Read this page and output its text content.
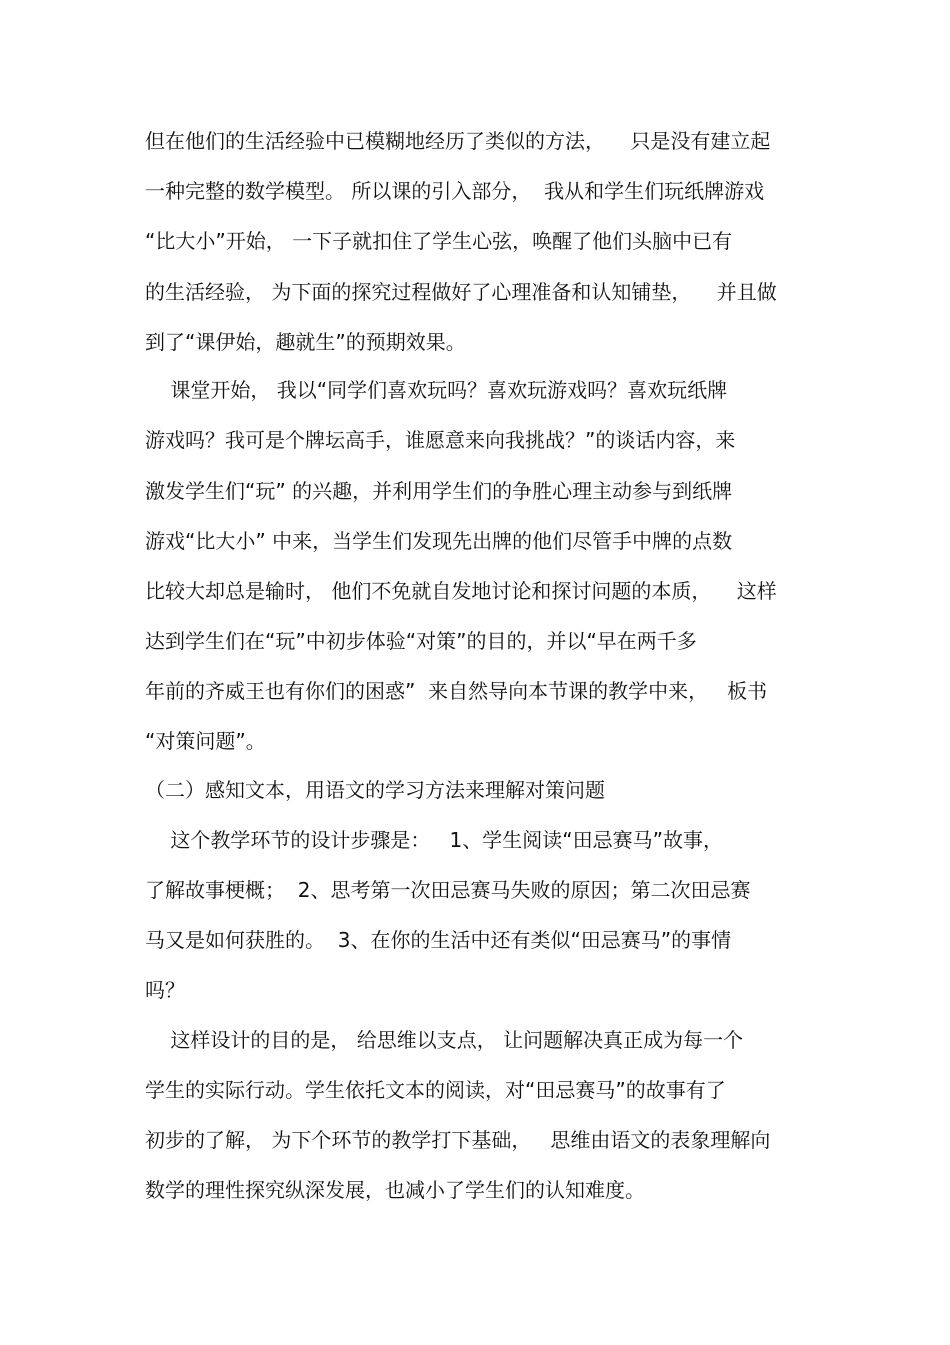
但在他们的生活经验中已模糊地经历了类似的方法，    只是没有建立起
一种完整的数学模型。 所以课的引入部分，  我从和学生们玩纸牌游戏
“比大小”开始， 一下子就扣住了学生心弦，唤醒了他们头脑中已有
的生活经验， 为下面的探究过程做好了心理准备和认知铺垫，    并且做
到了“课伊始，趣就生”的预期效果。
课堂开始， 我以“同学们喜欢玩吗？喜欢玩游戏吗？喜欢玩纸牌
游戏吗？我可是个牌坛高手，谁愿意来向我挑战？”的谈话内容，来
激发学生们“玩” 的兴趣，并利用学生们的争胜心理主动参与到纸牌
游戏“比大小” 中来，当学生们发现先出牌的他们尽管手中牌的点数
比较大却总是输时， 他们不免就自发地讨论和探讨问题的本质，    这样
达到学生们在“玩”中初步体验“对策”的目的，并以“早在两千多
年前的齐威王也有你们的困惑”  来自然导向本节课的教学中来，   板书
“对策问题”。
（二）感知文本，用语文的学习方法来理解对策问题
这个教学环节的设计步骤是：   1、学生阅读“田忌赛马”故事，
了解故事梗概；  2、思考第一次田忌赛马失败的原因；第二次田忌赛
马又是如何获胜的。  3、在你的生活中还有类似“田忌赛马”的事情
吗？
这样设计的目的是， 给思维以支点， 让问题解决真正成为每一个
学生的实际行动。学生依托文本的阅读，对“田忌赛马”的故事有了
初步的了解， 为下个环节的教学打下基础，   思维由语文的表象理解向
数学的理性探究纵深发展，也减小了学生们的认知难度。
